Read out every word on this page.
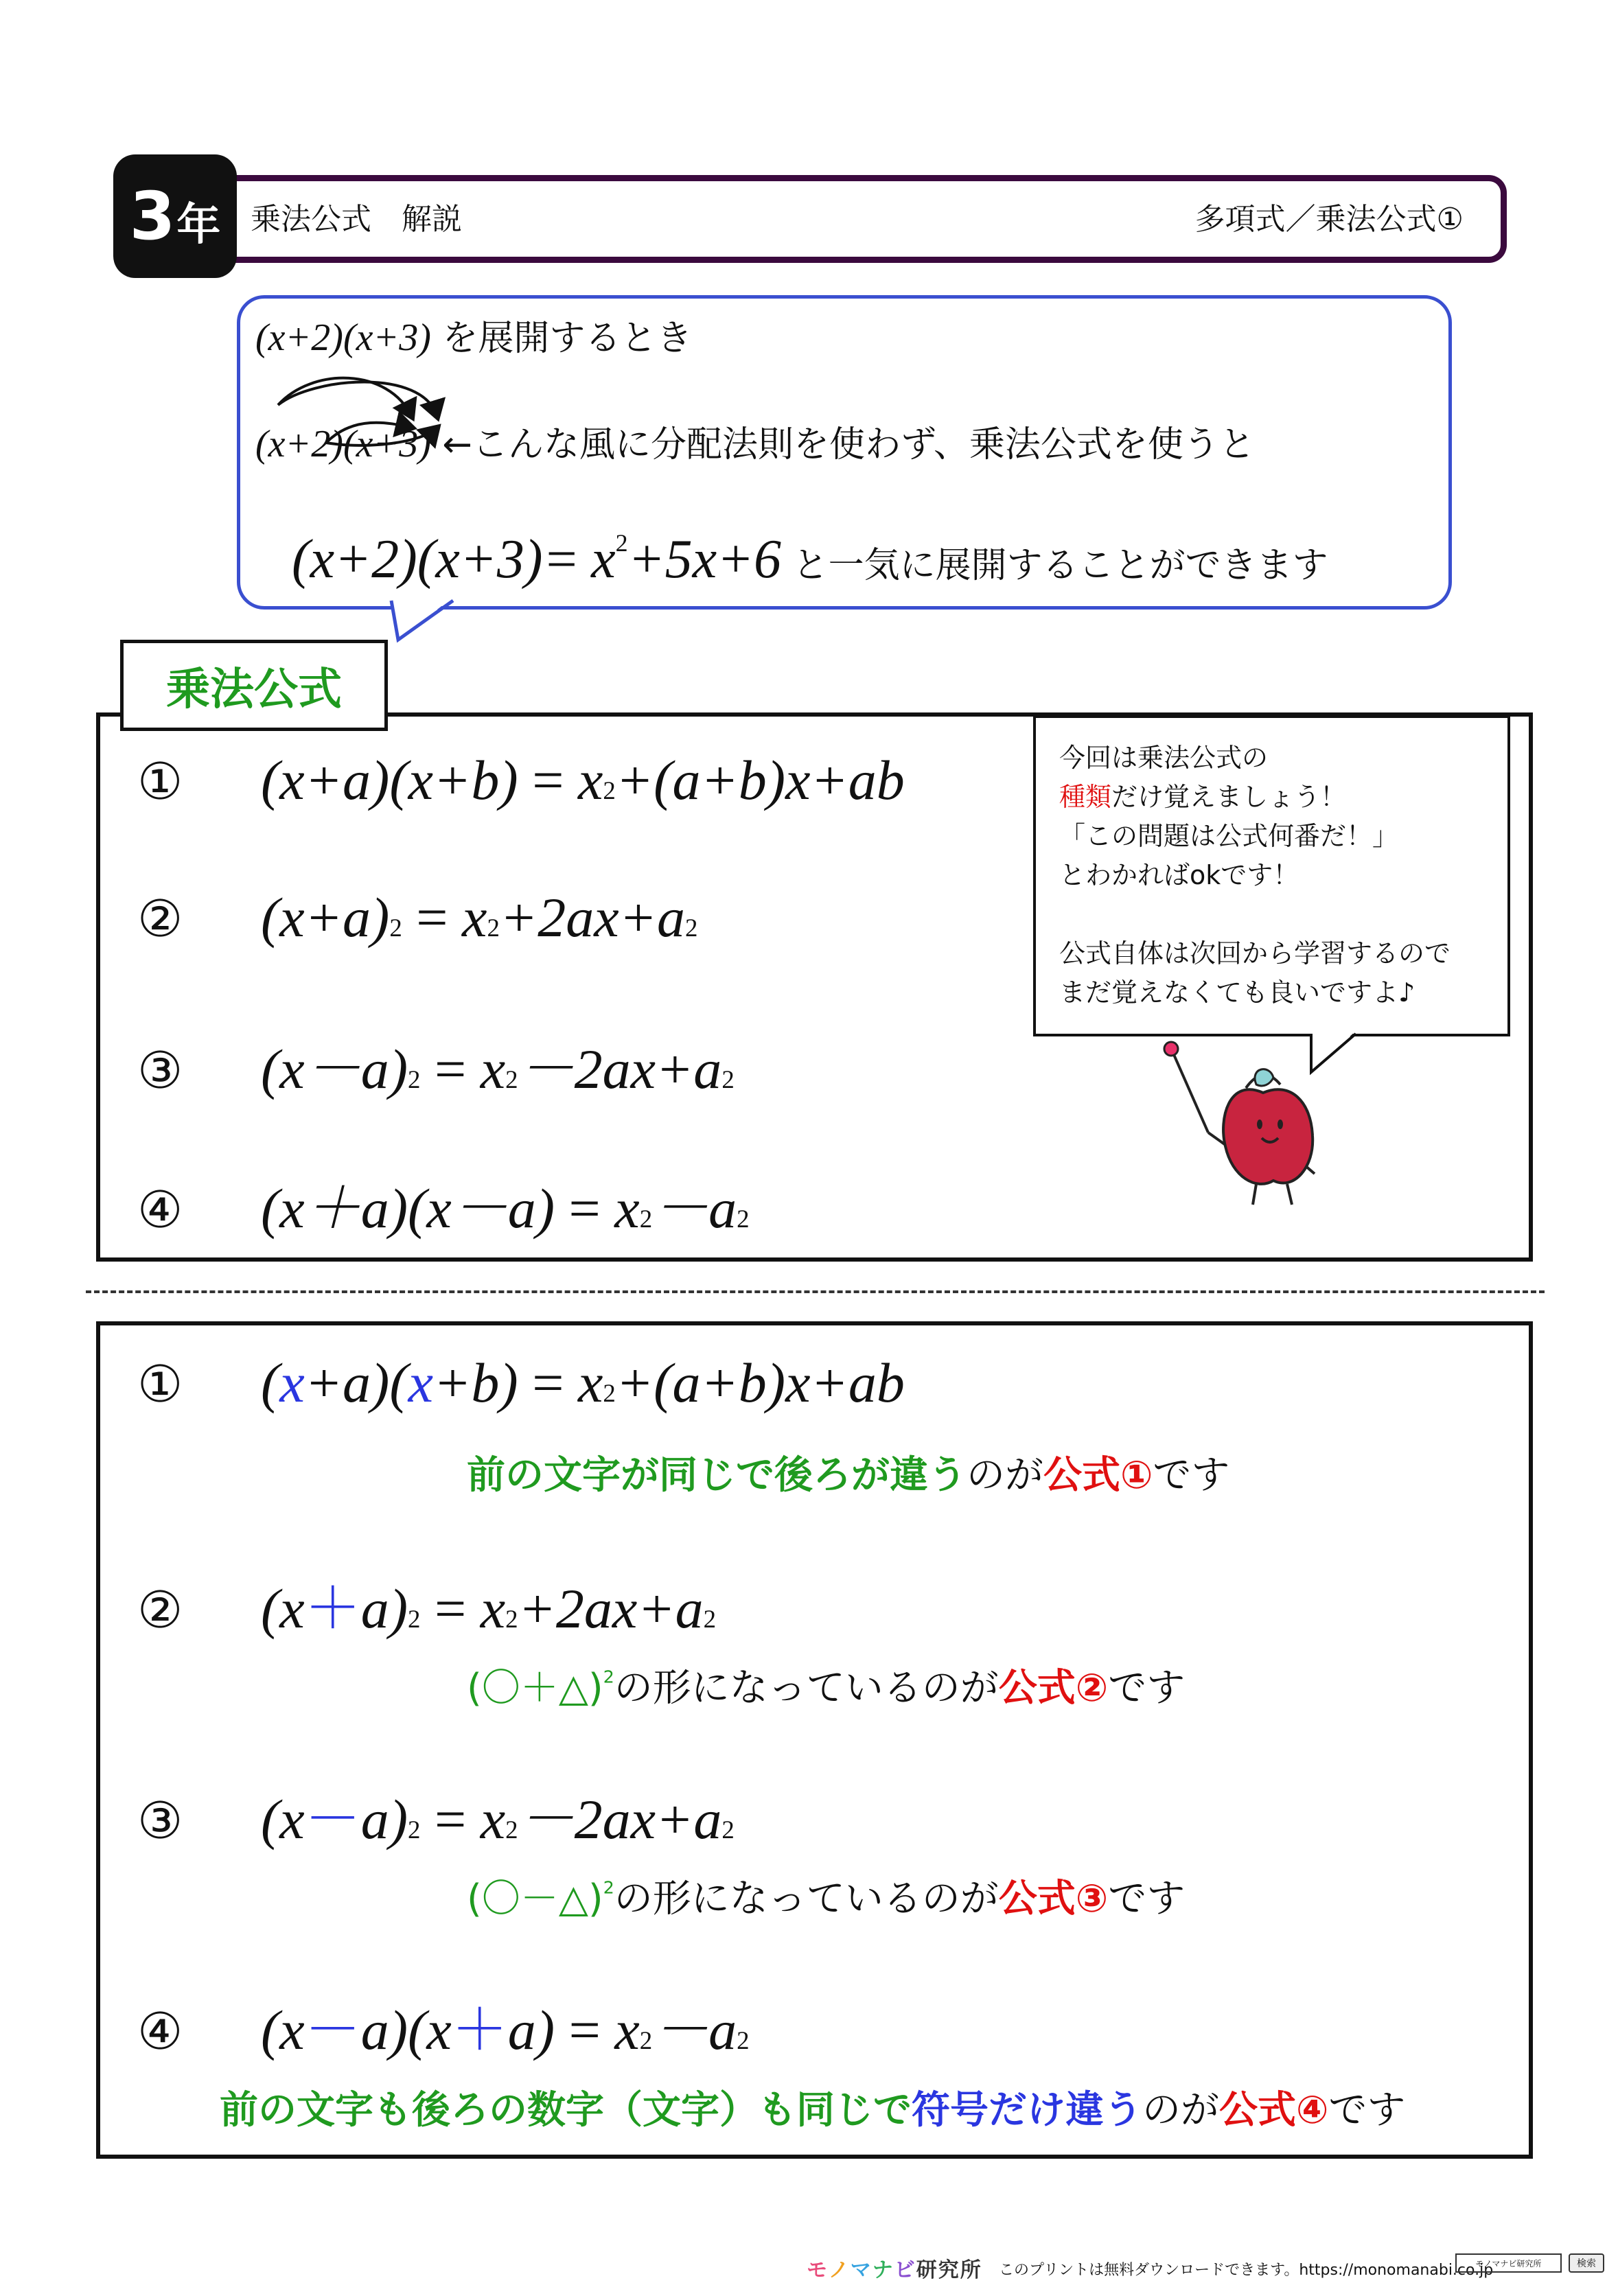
3 年 乗法公式　解説	多項式／乗法公式①
(x+2)(x+3) を展開するとき
(x+2)(x+3) ←こんな風に分配法則を使わず、乗法公式を使うと
$(x+2)(x+3)= x^2+5x+6$ と一気に展開することができます
乗法公式
①	(x+a)(x+b) = x 2 +(a+b)x+ab
②	(x+a) 2 = x 2 +2ax+a 2
③	(x－a) 2 = x 2 －2ax+a 2
④	(x＋a)(x－a) = x 2 －a 2
今回は乗法公式の
種類だけ覚えましょう！
「この問題は公式何番だ！」
とわかればokです！

公式自体は次回から学習するので
まだ覚えなくても良いですよ♪
①	( x +a)( x +b) = x 2 +(a+b)x+ab
前の文字が同じで後ろが違うのが公式①です
②	(x ＋ a) 2 = x 2 +2ax+a 2
(〇＋△)$^2$の形になっているのが公式②です
③	(x － a) 2 = x 2 －2ax+a 2
(〇－△)$^2$の形になっているのが公式③です
④	(x － a)(x ＋ a) = x 2 －a 2
前の文字も後ろの数字（文字）も同じで符号だけ違うのが公式④です
モノマナビ研究所 このプリントは無料ダウンロードできます。https://monomanabi.co.jp
モノマナビ研究所	検索
